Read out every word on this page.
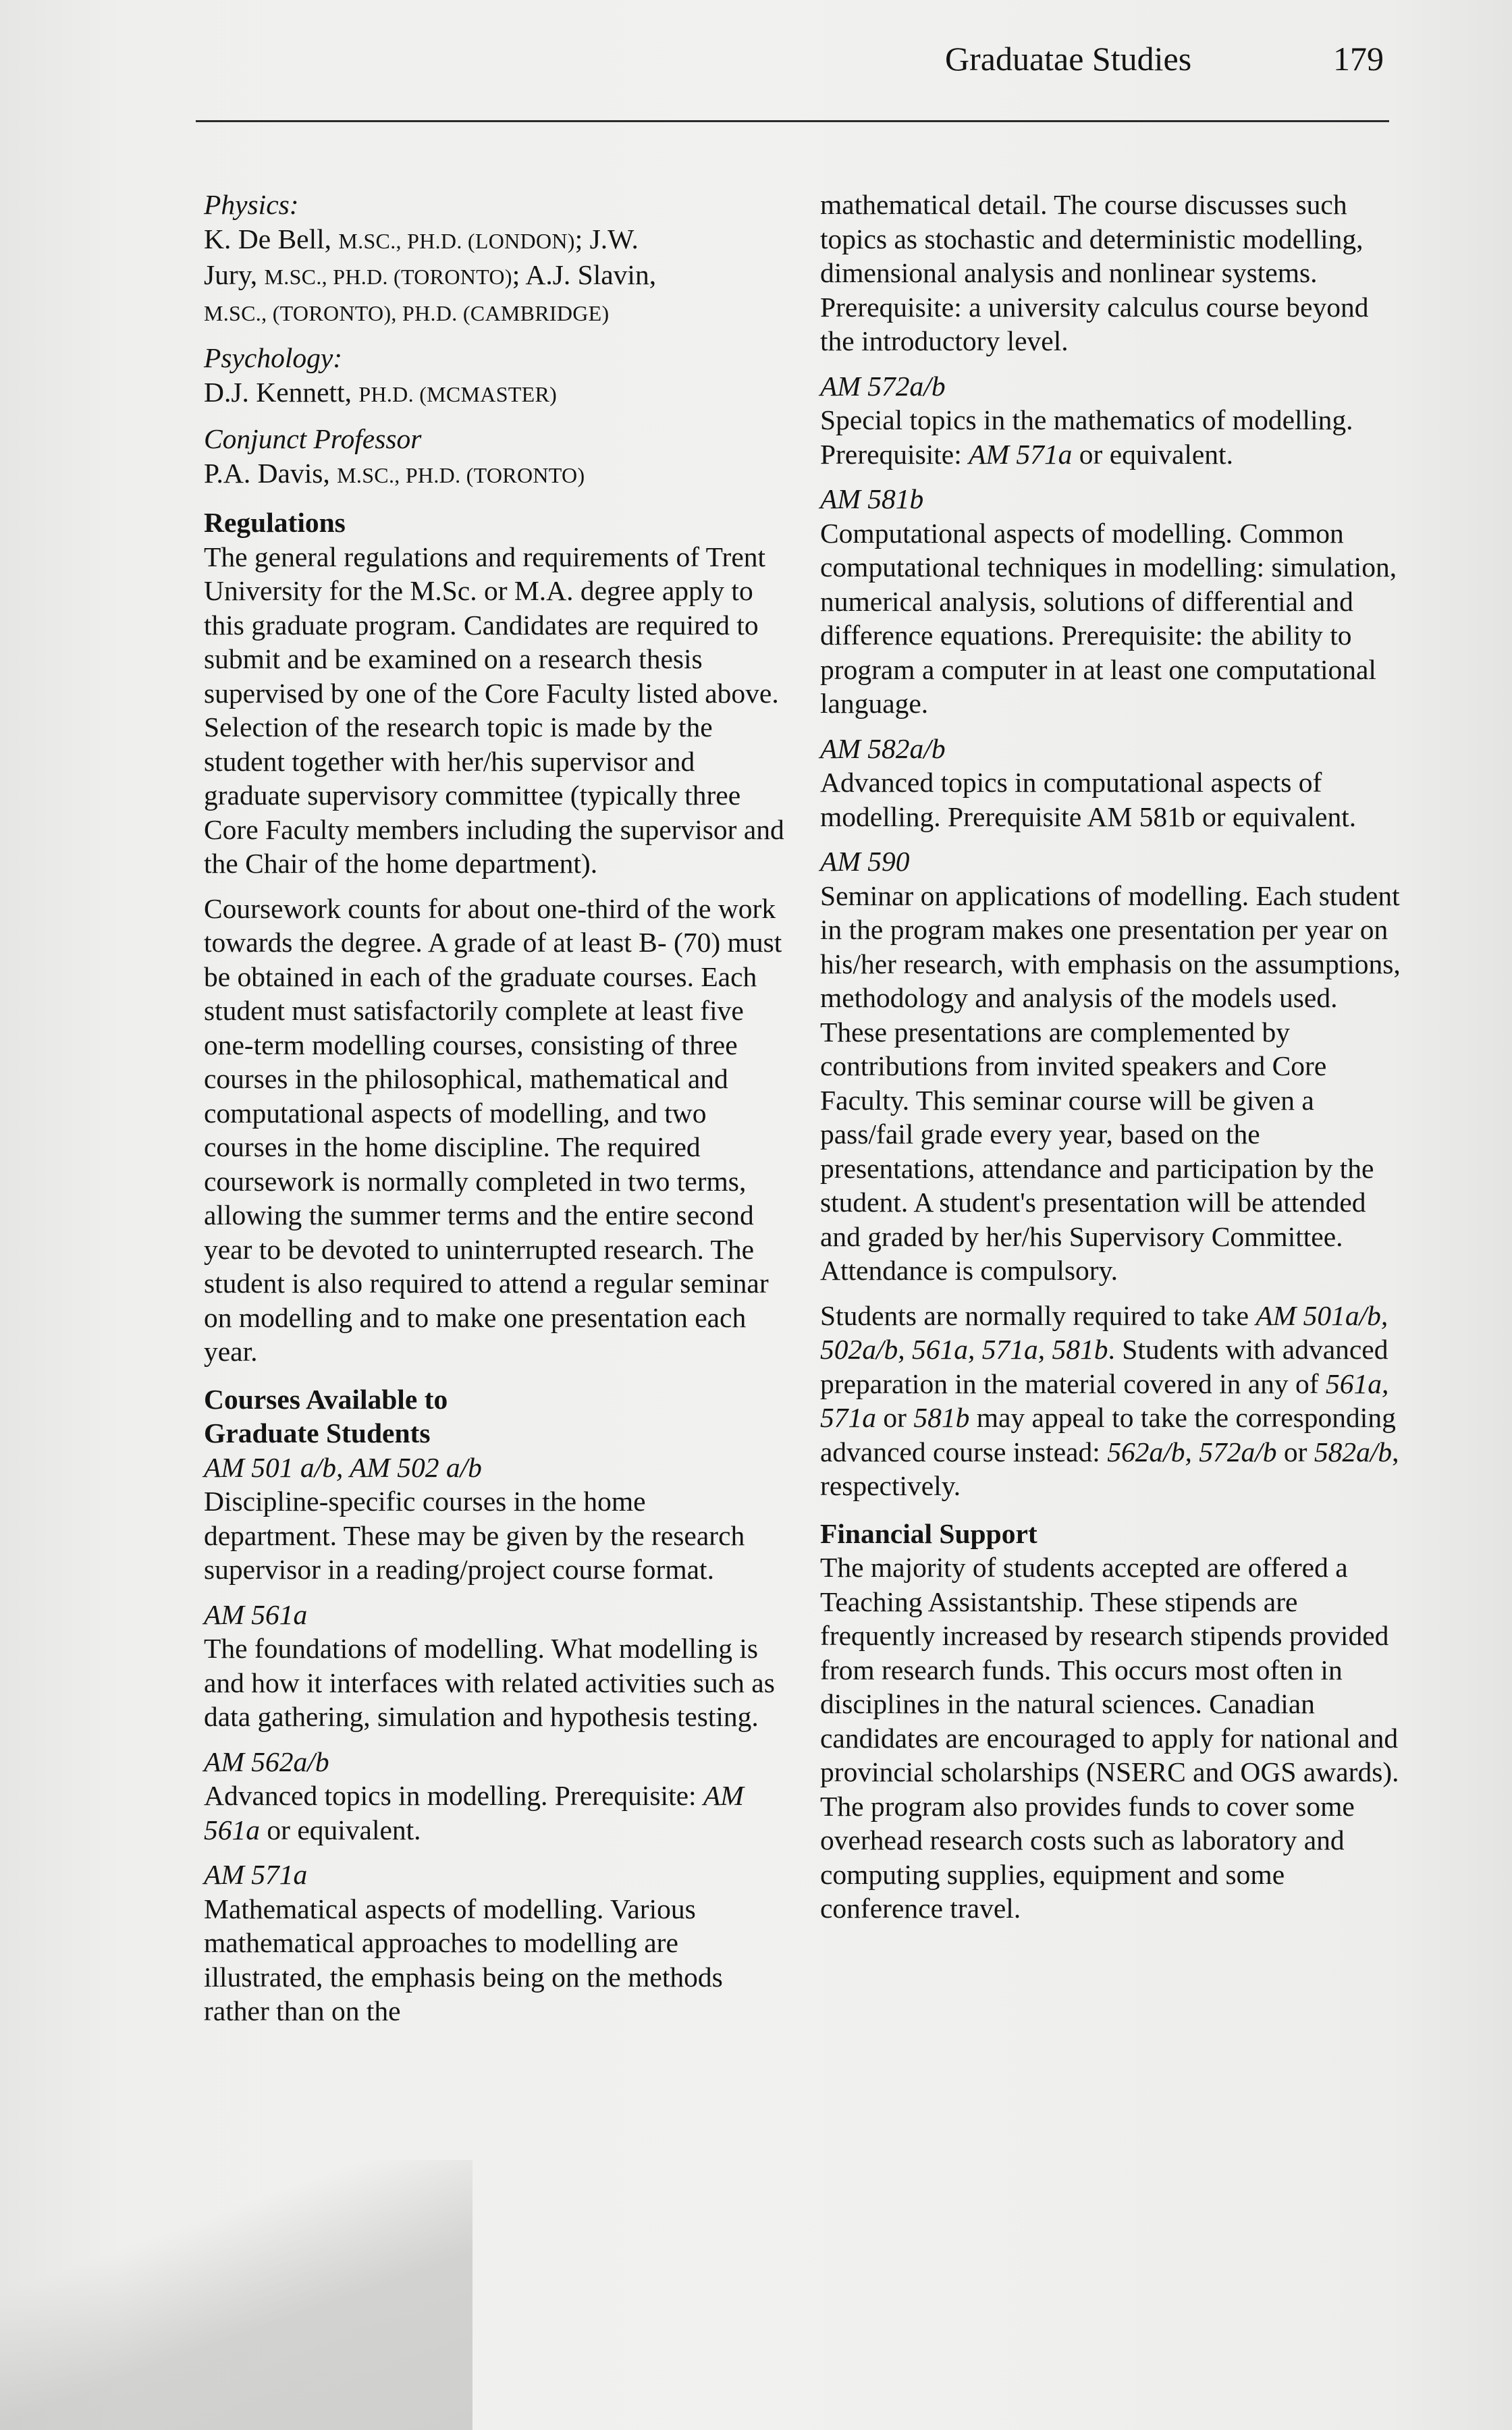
Graduatae Studies	179
Physics:
K. De Bell, M.SC., PH.D. (LONDON); J.W.
Jury, M.SC., PH.D. (TORONTO); A.J. Slavin,
M.SC., (TORONTO), PH.D. (CAMBRIDGE)
Psychology:
D.J. Kennett, PH.D. (MCMASTER)
Conjunct Professor
P.A. Davis, M.SC., PH.D. (TORONTO)
Regulations

The general regulations and requirements of Trent University for the M.Sc. or M.A. degree apply to this graduate program. Candidates are required to submit and be examined on a research thesis supervised by one of the Core Faculty listed above. Selection of the research topic is made by the student together with her/his supervisor and graduate supervisory committee (typically three Core Faculty members including the supervisor and the Chair of the home department).

Coursework counts for about one-third of the work towards the degree. A grade of at least B- (70) must be obtained in each of the graduate courses. Each student must satisfactorily complete at least five one-term modelling courses, consisting of three courses in the philosophical, mathematical and computational aspects of modelling, and two courses in the home discipline. The required coursework is normally completed in two terms, allowing the summer terms and the entire second year to be devoted to uninterrupted research. The student is also required to attend a regular seminar on modelling and to make one presentation each year.

Courses Available to
Graduate Students
AM 501 a/b, AM 502 a/b
Discipline-specific courses in the home department. These may be given by the research supervisor in a reading/project course format.
AM 561a
The foundations of modelling. What modelling is and how it interfaces with related activities such as data gathering, simulation and hypothesis testing.
AM 562a/b
Advanced topics in modelling. Prerequisite: AM 561a or equivalent.
AM 571a
Mathematical aspects of modelling. Various mathematical approaches to modelling are illustrated, the emphasis being on the methods rather than on the
mathematical detail. The course discusses such topics as stochastic and deterministic modelling, dimensional analysis and nonlinear systems. Prerequisite: a university calculus course beyond the introductory level.
AM 572a/b
Special topics in the mathematics of modelling. Prerequisite: AM 571a or equivalent.
AM 581b
Computational aspects of modelling. Common computational techniques in modelling: simulation, numerical analysis, solutions of differential and difference equations. Prerequisite: the ability to program a computer in at least one computational language.
AM 582a/b
Advanced topics in computational aspects of modelling. Prerequisite AM 581b or equivalent.
AM 590
Seminar on applications of modelling. Each student in the program makes one presentation per year on his/her research, with emphasis on the assumptions, methodology and analysis of the models used. These presentations are complemented by contributions from invited speakers and Core Faculty. This seminar course will be given a pass/fail grade every year, based on the presentations, attendance and participation by the student. A student's presentation will be attended and graded by her/his Supervisory Committee. Attendance is compulsory.

Students are normally required to take AM 501a/b, 502a/b, 561a, 571a, 581b. Students with advanced preparation in the material covered in any of 561a, 571a or 581b may appeal to take the corresponding advanced course instead: 562a/b, 572a/b or 582a/b, respectively.

Financial Support

The majority of students accepted are offered a Teaching Assistantship. These stipends are frequently increased by research stipends provided from research funds. This occurs most often in disciplines in the natural sciences. Canadian candidates are encouraged to apply for national and provincial scholarships (NSERC and OGS awards). The program also provides funds to cover some overhead research costs such as laboratory and computing supplies, equipment and some conference travel.
